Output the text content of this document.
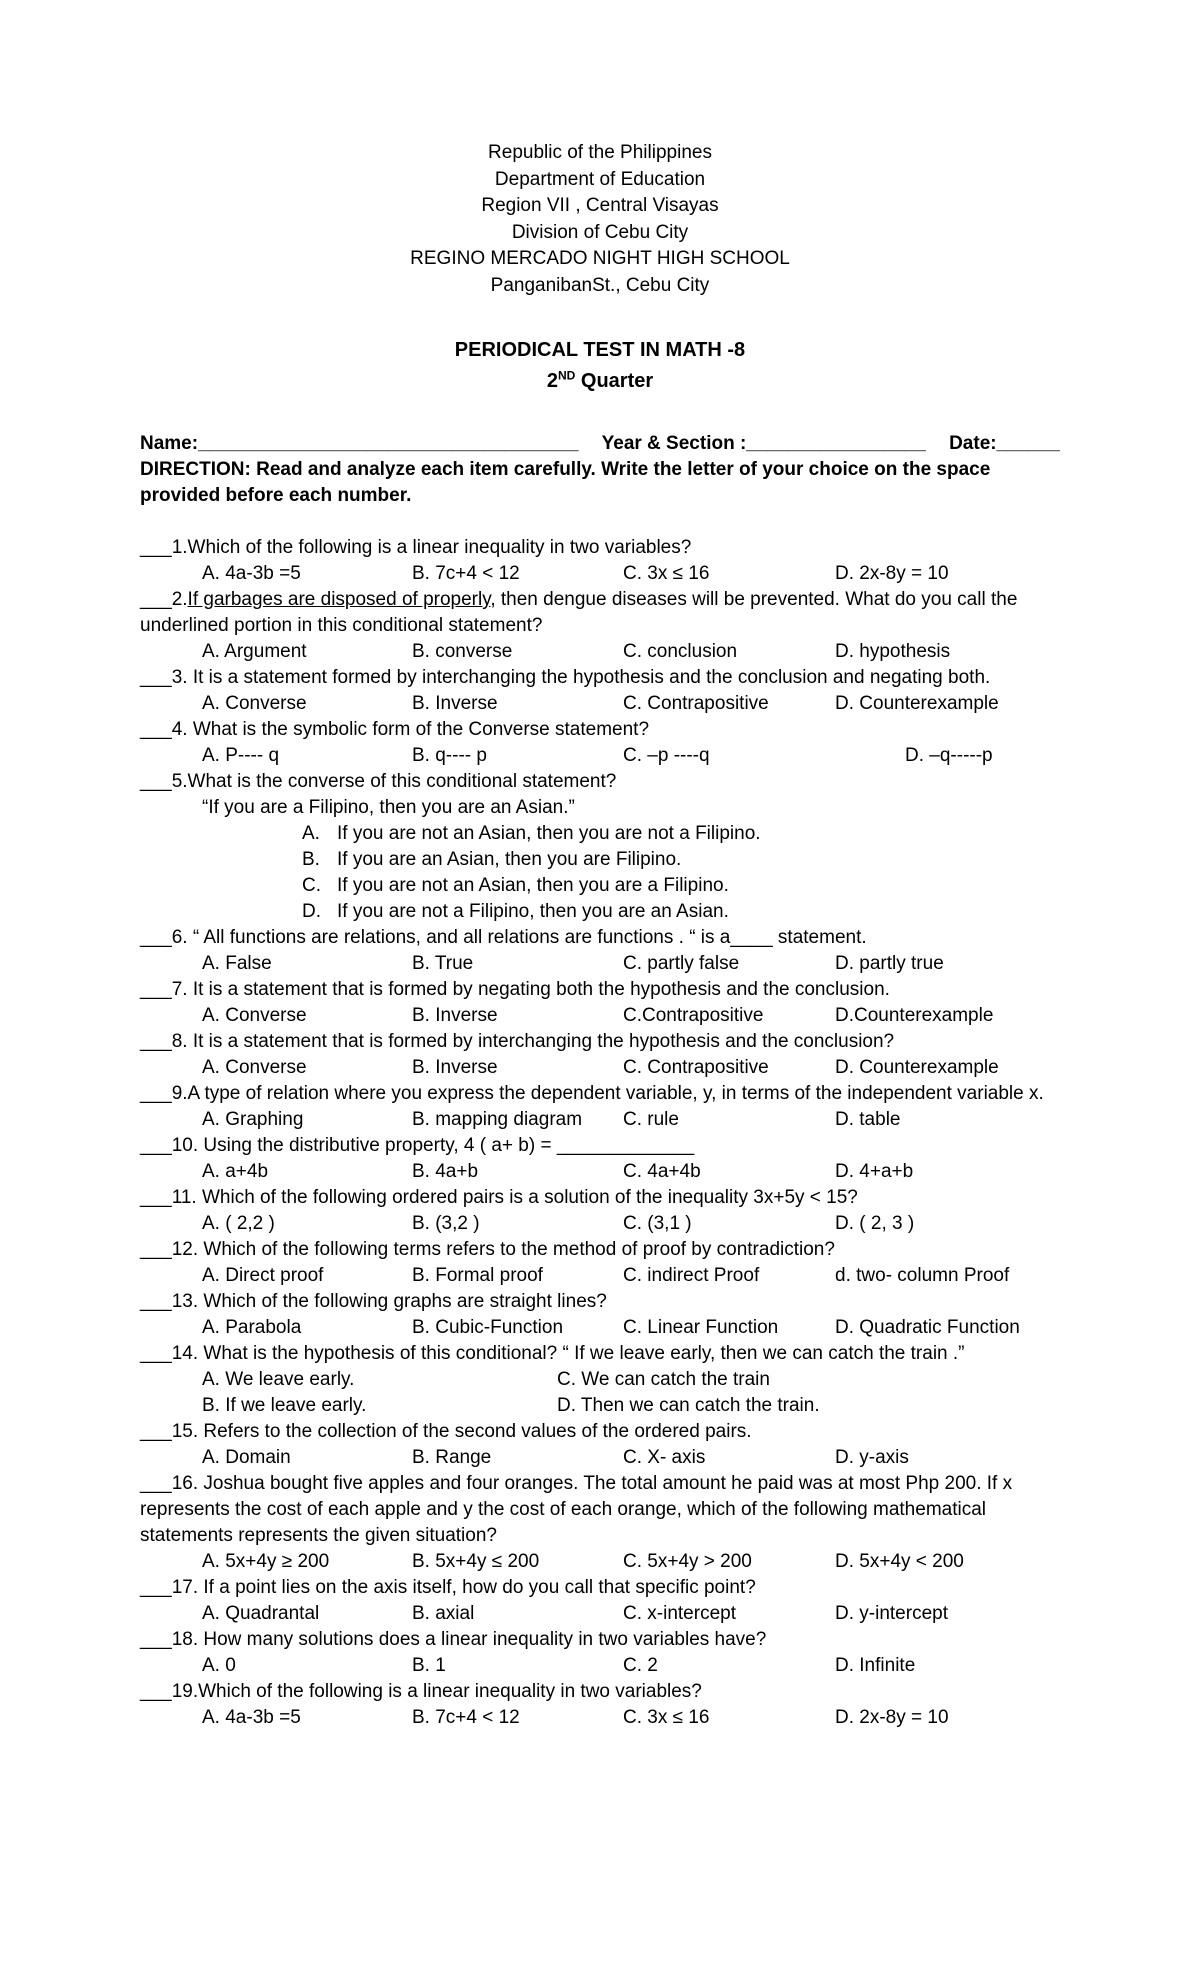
Republic of the Philippines
Department of Education
Region VII , Central Visayas
Division of Cebu City
REGINO MERCADO NIGHT HIGH SCHOOL
PanganibanSt., Cebu City
PERIODICAL TEST IN MATH -8
2ND Quarter
Name:____________________________________ Year & Section :_________________ Date:______
DIRECTION: Read and analyze each item carefully. Write the letter of your choice on the space provided before each number.
___1.Which of the following is a linear inequality in two variables?
A. 4a-3b =5	B. 7c+4 < 12	C. 3x ≤ 16	D. 2x-8y = 10
___2.If garbages are disposed of properly, then dengue diseases will be prevented. What do you call the underlined portion in this conditional statement?
A. Argument	B. converse	C. conclusion	D. hypothesis
___3. It is a statement formed by interchanging the hypothesis and the conclusion and negating both.
A. Converse	B. Inverse	C. Contrapositive	D. Counterexample
___4. What is the symbolic form of the Converse statement?
A. P---- q	B. q---- p	C. –p ----q	D. –q-----p
___5.What is the converse of this conditional statement?
“If you are a Filipino, then you are an Asian.”
A. If you are not an Asian, then you are not a Filipino.
B. If you are an Asian, then you are Filipino.
C. If you are not an Asian, then you are a Filipino.
D. If you are not a Filipino, then you are an Asian.
___6. “ All functions are relations, and all relations are functions . “ is a____ statement.
A. False	B. True	C. partly false	D. partly true
___7. It is a statement that is formed by negating both the hypothesis and the conclusion.
A. Converse	B. Inverse	C.Contrapositive	D.Counterexample
___8. It is a statement that is formed by interchanging the hypothesis and the conclusion?
A. Converse	B. Inverse	C. Contrapositive	D. Counterexample
___9.A type of relation where you express the dependent variable, y, in terms of the independent variable x.
A. Graphing	B. mapping diagram	C. rule	D. table
___10. Using the distributive property, 4 ( a+ b) = _____________
A. a+4b	B. 4a+b	C. 4a+4b	D. 4+a+b
___11. Which of the following ordered pairs is a solution of the inequality 3x+5y < 15?
A. ( 2,2 )	B. (3,2 )	C. (3,1 )	D. ( 2, 3 )
___12. Which of the following terms refers to the method of proof by contradiction?
A. Direct proof	B. Formal proof	C. indirect Proof	d. two- column Proof
___13. Which of the following graphs are straight lines?
A. Parabola	B. Cubic-Function	C. Linear Function	D. Quadratic Function
___14. What is the hypothesis of this conditional? “ If we leave early, then we can catch the train .”
A. We leave early.	C. We can catch the train
B. If we leave early.	D. Then we can catch the train.
___15. Refers to the collection of the second values of the ordered pairs.
A. Domain	B. Range	C. X- axis	D. y-axis
___16. Joshua bought five apples and four oranges. The total amount he paid was at most Php 200. If x represents the cost of each apple and y the cost of each orange, which of the following mathematical statements represents the given situation?
A. 5x+4y ≥ 200	B. 5x+4y ≤ 200	C. 5x+4y > 200	D. 5x+4y < 200
___17. If a point lies on the axis itself, how do you call that specific point?
A. Quadrantal	B. axial	C. x-intercept	D. y-intercept
___18. How many solutions does a linear inequality in two variables have?
A. 0	B. 1	C. 2	D. Infinite
___19.Which of the following is a linear inequality in two variables?
A. 4a-3b =5	B. 7c+4 < 12	C. 3x ≤ 16	D. 2x-8y = 10
